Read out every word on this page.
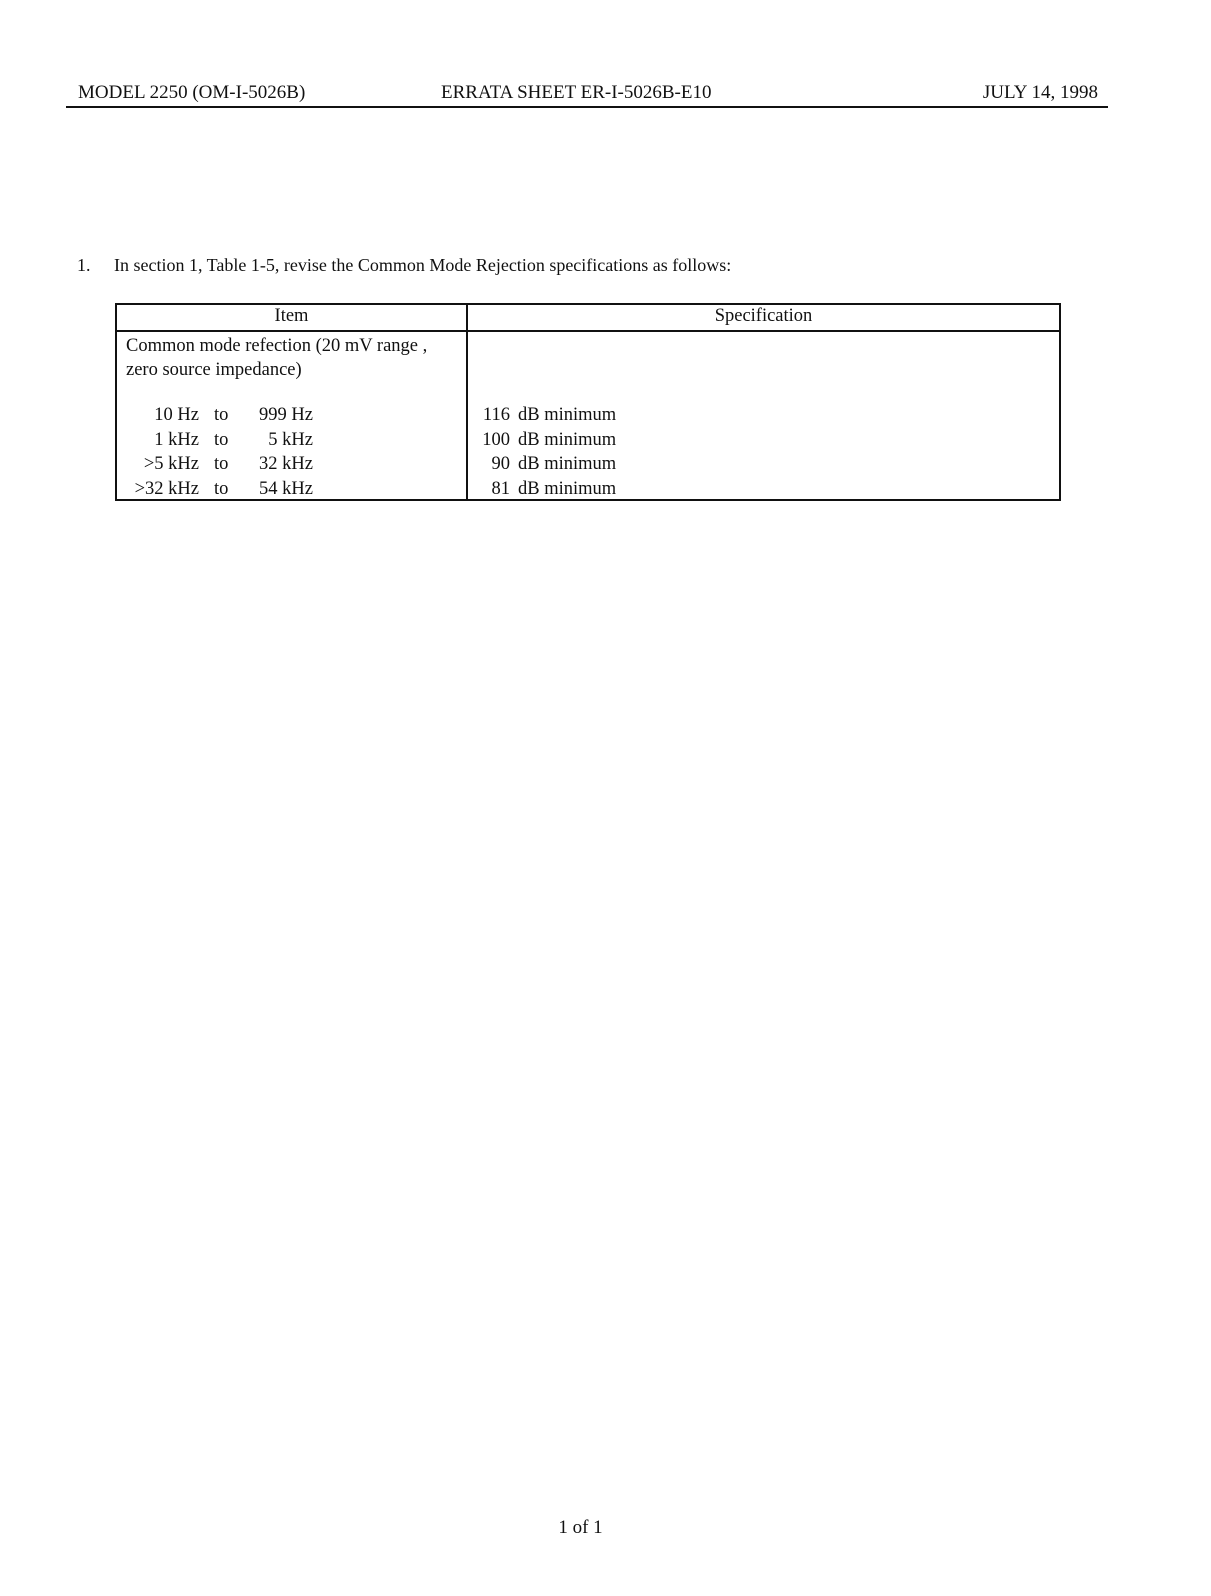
MODEL 2250 (OM-I-5026B)	ERRATA SHEET ER-I-5026B-E10	JULY 14, 1998
1. In section 1, Table 1-5, revise the Common Mode Rejection specifications as follows:
Item	Specification
Common mode refection (20 mV range ,
zero source impedance)
10 Hz to 999 Hz	116 dB minimum
1 kHz to 5 kHz	100 dB minimum
>5 kHz to 32 kHz	90 dB minimum
>32 kHz to 54 kHz	81 dB minimum
1 of 1
